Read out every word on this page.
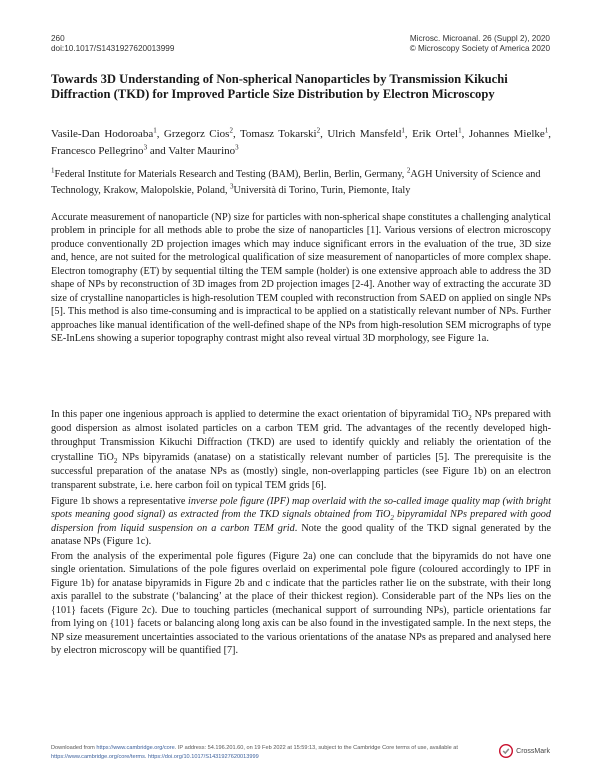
260
doi:10.1017/S1431927620013999
Microsc. Microanal. 26 (Suppl 2), 2020
© Microscopy Society of America 2020
Towards 3D Understanding of Non-spherical Nanoparticles by Transmission Kikuchi Diffraction (TKD) for Improved Particle Size Distribution by Electron Microscopy
Vasile-Dan Hodoroaba$^1$, Grzegorz Cios$^2$, Tomasz Tokarski$^2$, Ulrich Mansfeld$^1$, Erik Ortel$^1$, Johannes Mielke$^1$, Francesco Pellegrino$^3$ and Valter Maurino$^3$
$^1$Federal Institute for Materials Research and Testing (BAM), Berlin, Berlin, Germany, $^2$AGH University of Science and Technology, Krakow, Malopolskie, Poland, $^3$Università di Torino, Turin, Piemonte, Italy

Accurate measurement of nanoparticle (NP) size for particles with non-spherical shape constitutes a challenging analytical problem in principle for all methods able to probe the size of nanoparticles [1]. Various versions of electron microscopy produce conventionally 2D projection images which may induce significant errors in the evaluation of the true, 3D size and, hence, are not suited for the metrological qualification of size measurement of nanoparticles of more complex shape. Electron tomography (ET) by sequential tilting the TEM sample (holder) is one extensive approach able to address the 3D shape of NPs by reconstruction of 3D images from 2D projection images [2-4]. Another way of extracting the accurate 3D size of crystalline nanoparticles is high-resolution TEM coupled with reconstruction from SAED on applied on single NPs [5]. This method is also time-consuming and is impractical to be applied on a statistically relevant number of NPs. Further approaches like manual identification of the well-defined shape of the NPs from high-resolution SEM micrographs of type SE-InLens showing a superior topography contrast might also reveal virtual 3D morphology, see Figure 1a.

In this paper one ingenious approach is applied to determine the exact orientation of bipyramidal TiO$_2$ NPs prepared with good dispersion as almost isolated particles on a carbon TEM grid. The advantages of the recently developed high-throughput Transmission Kikuchi Diffraction (TKD) are used to identify quickly and reliably the orientation of the crystalline TiO$_2$ NPs bipyramids (anatase) on a statistically relevant number of particles [5]. The prerequisite is the successful preparation of the anatase NPs as (mostly) single, non-overlapping particles (see Figure 1b) on an electron transparent substrate, i.e. here carbon foil on typical TEM grids [6].

Figure 1b shows a representative inverse pole figure (IPF) map overlaid with the so-called image quality map (with bright spots meaning good signal) as extracted from the TKD signals obtained from TiO$_2$ bipyramidal NPs prepared with good dispersion from liquid suspension on a carbon TEM grid. Note the good quality of the TKD signal generated by the anatase NPs (Figure 1c).

From the analysis of the experimental pole figures (Figure 2a) one can conclude that the bipyramids do not have one single orientation. Simulations of the pole figures overlaid on experimental pole figure (coloured accordingly to IPF in Figure 1b) for anatase bipyramids in Figure 2b and c indicate that the particles rather lie on the substrate, with their long axis parallel to the substrate (‘balancing’ at the place of their thickest region). Considerable part of the NPs lies on the {101} facets (Figure 2c). Due to touching particles (mechanical support of surrounding NPs), particle orientations far from lying on {101} facets or balancing along long axis can be also found in the investigated sample. In the next steps, the NP size measurement uncertainties associated to the various orientations of the anatase NPs as prepared and analysed here by electron microscopy will be quantified [7].

Downloaded from https://www.cambridge.org/core. IP address: 54.196.201.60, on 19 Feb 2022 at 15:59:13, subject to the Cambridge Core terms of use, available at
https://www.cambridge.org/core/terms. https://doi.org/10.1017/S1431927620013999
CrossMark
